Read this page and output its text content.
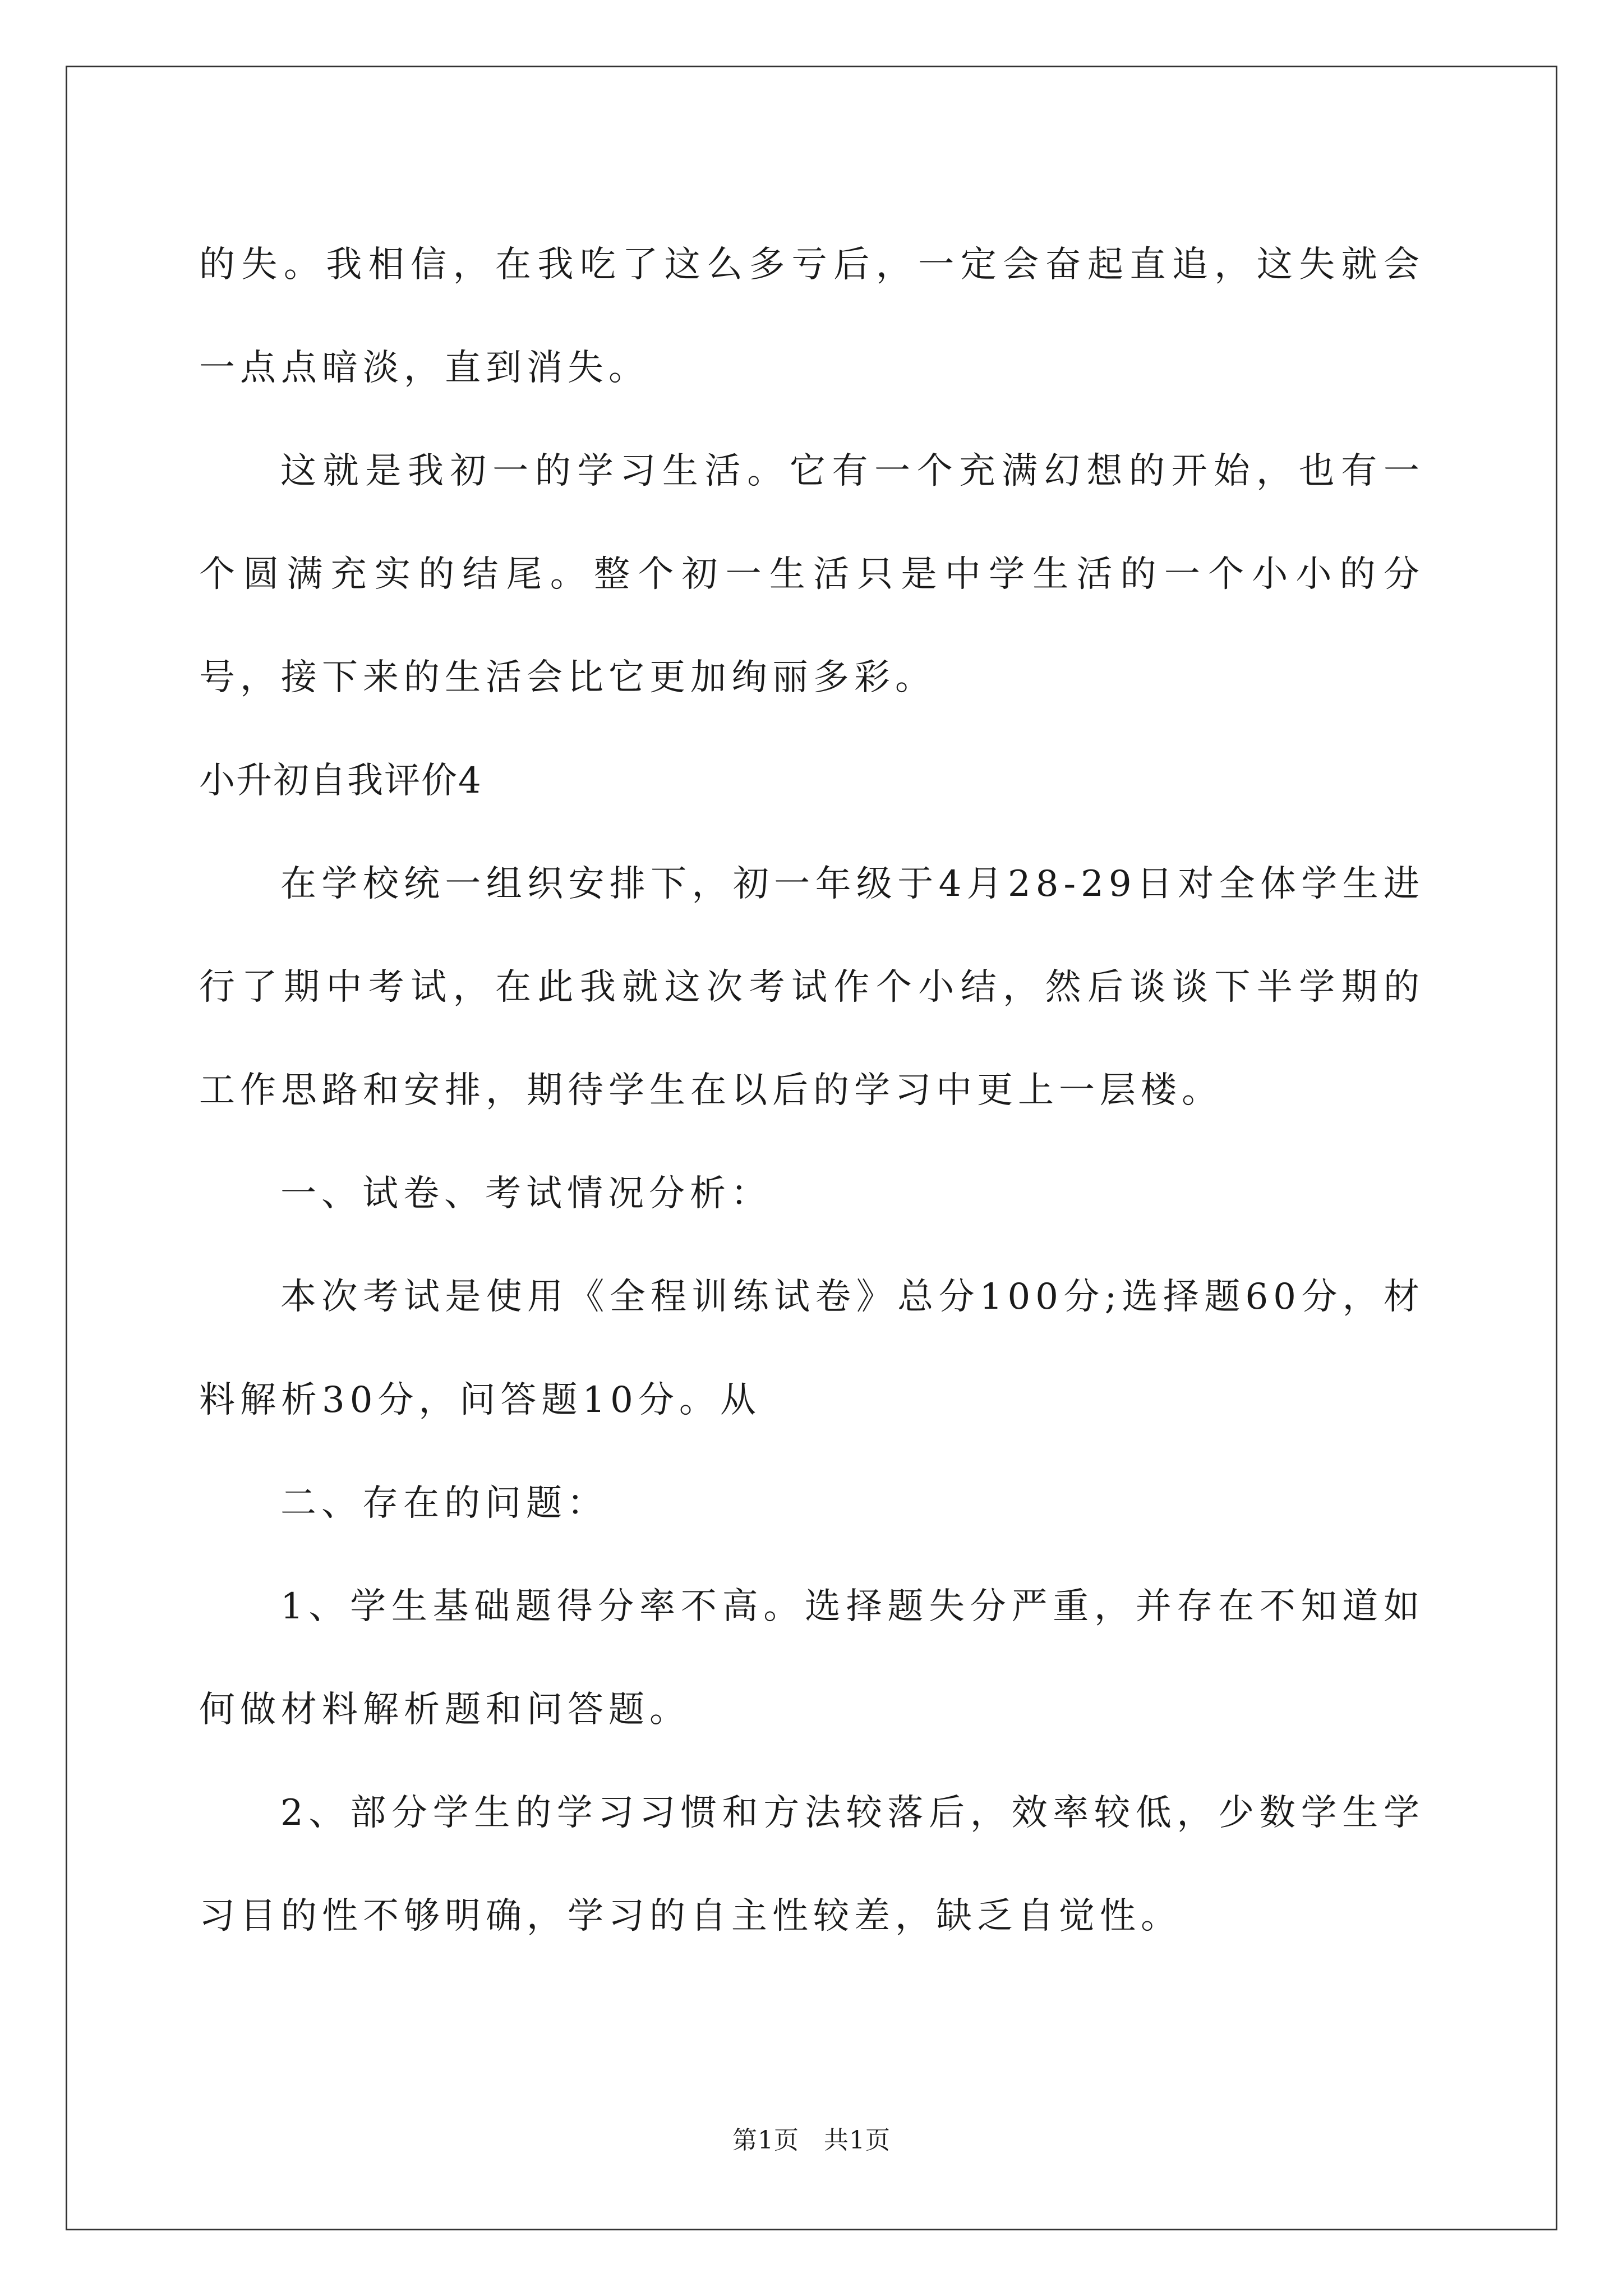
的失。我相信，在我吃了这么多亏后，一定会奋起直追，这失就会一点点暗淡，直到消失。

这就是我初一的学习生活。它有一个充满幻想的开始，也有一个圆满充实的结尾。整个初一生活只是中学生活的一个小小的分号，接下来的生活会比它更加绚丽多彩。

小升初自我评价4

在学校统一组织安排下，初一年级于4月28-29日对全体学生进行了期中考试，在此我就这次考试作个小结，然后谈谈下半学期的工作思路和安排，期待学生在以后的学习中更上一层楼。

一、试卷、考试情况分析：

本次考试是使用《全程训练试卷》总分100分;选择题60分，材料解析30分，问答题10分。从

二、存在的问题：

1、学生基础题得分率不高。选择题失分严重，并存在不知道如何做材料解析题和问答题。

2、部分学生的学习习惯和方法较落后，效率较低，少数学生学习目的性不够明确，学习的自主性较差，缺乏自觉性。

第1页 共1页
